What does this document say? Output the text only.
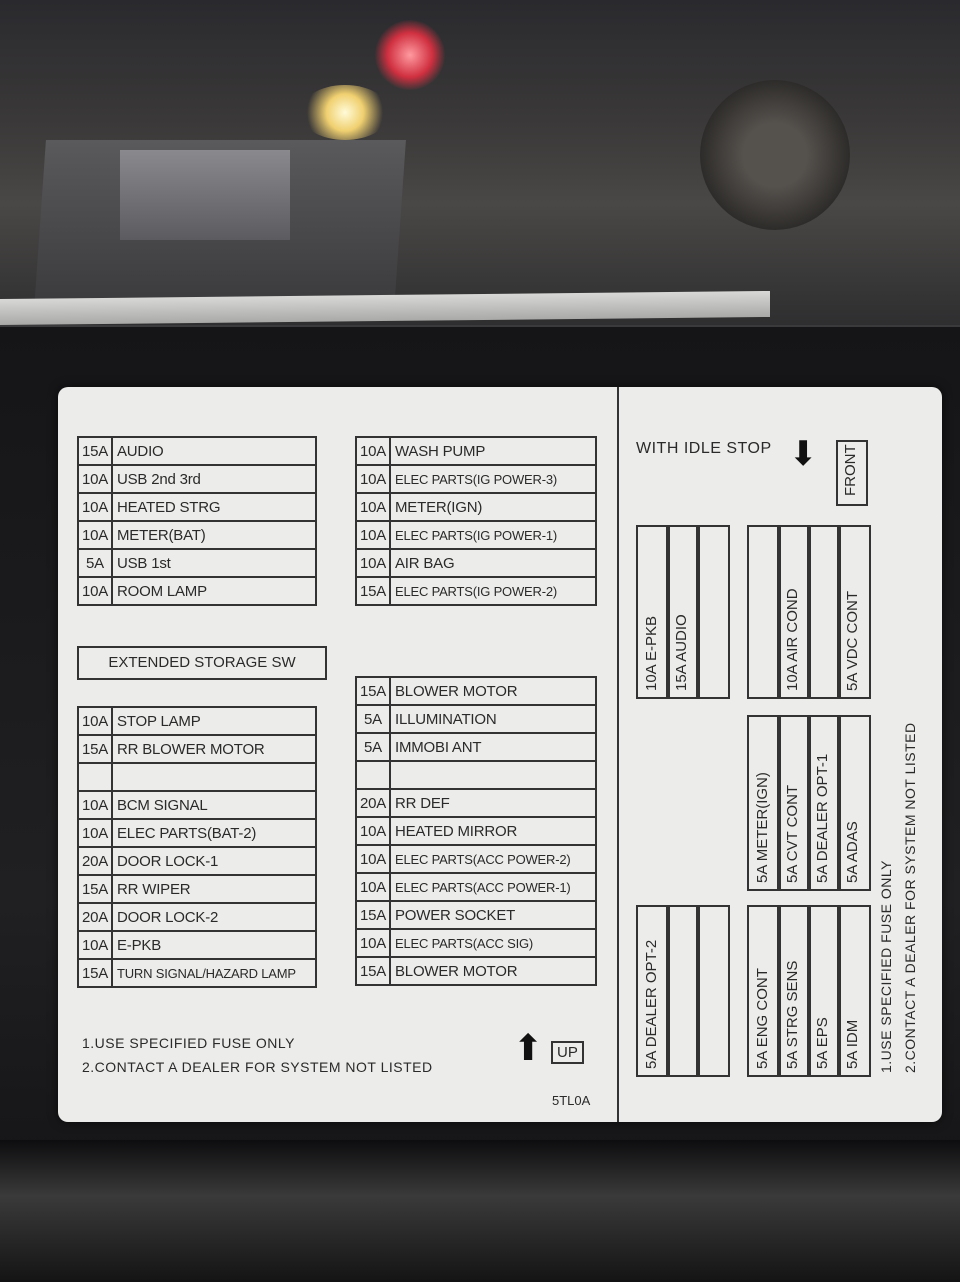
15A	AUDIO
10A	USB 2nd 3rd
10A	HEATED STRG
10A	METER(BAT)
5A	USB 1st
10A	ROOM LAMP
10A	WASH PUMP
10A	ELEC PARTS(IG POWER-3)
10A	METER(IGN)
10A	ELEC PARTS(IG POWER-1)
10A	AIR BAG
15A	ELEC PARTS(IG POWER-2)
EXTENDED STORAGE SW
10A	STOP LAMP
15A	RR BLOWER MOTOR

10A	BCM SIGNAL
10A	ELEC PARTS(BAT-2)
20A	DOOR LOCK-1
15A	RR WIPER
20A	DOOR LOCK-2
10A	E-PKB
15A	TURN SIGNAL/HAZARD LAMP
15A	BLOWER MOTOR
5A	ILLUMINATION
5A	IMMOBI ANT

20A	RR DEF
10A	HEATED MIRROR
10A	ELEC PARTS(ACC POWER-2)
10A	ELEC PARTS(ACC POWER-1)
15A	POWER SOCKET
10A	ELEC PARTS(ACC SIG)
15A	BLOWER MOTOR
1.USE SPECIFIED FUSE ONLY
2.CONTACT A DEALER FOR SYSTEM NOT LISTED ⬆ UP
5TL0A
WITH IDLE STOP ⬇ FRONT
10A E-PKB
15A AUDIO
10A AIR COND
5A VDC CONT
5A METER(IGN)
5A CVT CONT
5A DEALER OPT-1
5A ADAS
5A DEALER OPT-2
5A ENG CONT
5A STRG SENS
5A EPS
5A IDM 1.USE SPECIFIED FUSE ONLY 2.CONTACT A DEALER FOR SYSTEM NOT LISTED
